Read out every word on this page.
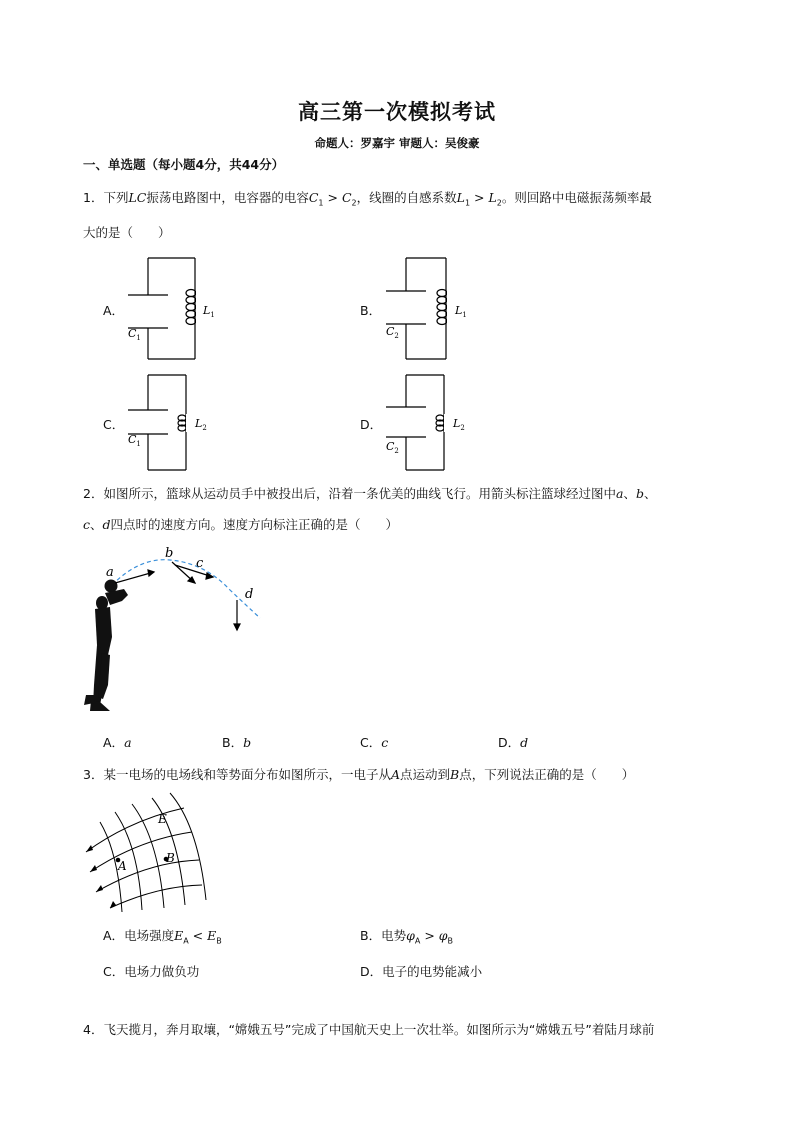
高三第一次模拟考试
命题人：罗嘉宇 审题人：吴俊豪
一、单选题（每小题4分，共44分）
1．下列LC振荡电路图中，电容器的电容$C_1 > C_2$，线圈的自感系数$L_1 > L_2$。则回路中电磁振荡频率最
大的是（　　）
A．
$C_1$
$L_1$	B．
$C_2$
$L_1$
C．
$C_1$
$L_2$	D．
$C_2$
$L_2$
2．如图所示，篮球从运动员手中被投出后，沿着一条优美的曲线飞行。用箭头标注篮球经过图中a、b、
c、d四点时的速度方向。速度方向标注正确的是（　　）
a
b
c
d
A．a	B．b	C．c	D．d
3．某一电场的电场线和等势面分布如图所示，一电子从A点运动到B点，下列说法正确的是（　　）
E
A
B
A．电场强度$E_A < E_B$	B．电势$\varphi_A > \varphi_B$
C．电场力做负功	D．电子的电势能减小
4．飞天揽月，奔月取壤，“嫦娥五号”完成了中国航天史上一次壮举。如图所示为“嫦娥五号”着陆月球前
